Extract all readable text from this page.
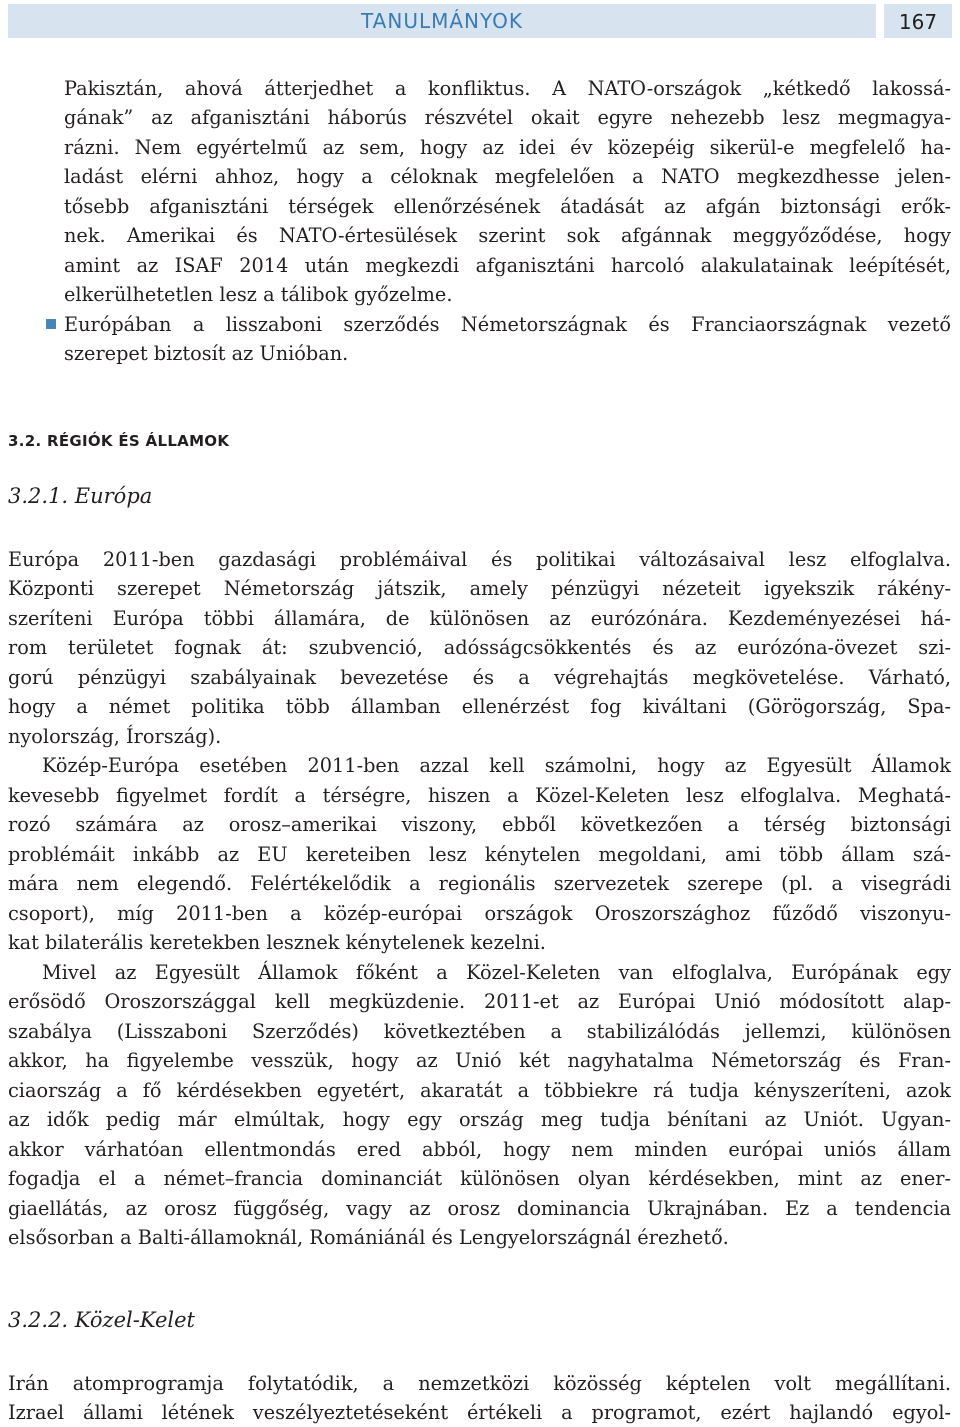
TANULMÁNYOK	167
Pakisztán, ahová átterjedhet a konfliktus. A NATO-országok „kétkedő lakossá-
gának” az afganisztáni háborús részvétel okait egyre nehezebb lesz megmagya-
rázni. Nem egyértelmű az sem, hogy az idei év közepéig sikerül-e megfelelő ha-
ladást elérni ahhoz, hogy a céloknak megfelelően a NATO megkezdhesse jelen-
tősebb afganisztáni térségek ellenőrzésének átadását az afgán biztonsági erők-
nek. Amerikai és NATO-értesülések szerint sok afgánnak meggyőződése, hogy
amint az ISAF 2014 után megkezdi afganisztáni harcoló alakulatainak leépítését,
elkerülhetetlen lesz a tálibok győzelme.
Európában a lisszaboni szerződés Németországnak és Franciaországnak vezető
szerepet biztosít az Unióban.
3.2. RÉGIÓK ÉS ÁLLAMOK
3.2.1. Európa
Európa 2011-ben gazdasági problémáival és politikai változásaival lesz elfoglalva.
Központi szerepet Németország játszik, amely pénzügyi nézeteit igyekszik rákény-
szeríteni Európa többi államára, de különösen az eurózónára. Kezdeményezései há-
rom területet fognak át: szubvenció, adósságcsökkentés és az eurózóna-övezet szi-
gorú pénzügyi szabályainak bevezetése és a végrehajtás megkövetelése. Várható,
hogy a német politika több államban ellenérzést fog kiváltani (Görögország, Spa-
nyolország, Írország).
Közép-Európa esetében 2011-ben azzal kell számolni, hogy az Egyesült Államok
kevesebb figyelmet fordít a térségre, hiszen a Közel-Keleten lesz elfoglalva. Meghatá-
rozó számára az orosz–amerikai viszony, ebből következően a térség biztonsági
problémáit inkább az EU kereteiben lesz kénytelen megoldani, ami több állam szá-
mára nem elegendő. Felértékelődik a regionális szervezetek szerepe (pl. a visegrádi
csoport), míg 2011-ben a közép-európai országok Oroszországhoz fűződő viszonyu-
kat bilaterális keretekben lesznek kénytelenek kezelni.
Mivel az Egyesült Államok főként a Közel-Keleten van elfoglalva, Európának egy
erősödő Oroszországgal kell megküzdenie. 2011-et az Európai Unió módosított alap-
szabálya (Lisszaboni Szerződés) következtében a stabilizálódás jellemzi, különösen
akkor, ha figyelembe vesszük, hogy az Unió két nagyhatalma Németország és Fran-
ciaország a fő kérdésekben egyetért, akaratát a többiekre rá tudja kényszeríteni, azok
az idők pedig már elmúltak, hogy egy ország meg tudja bénítani az Uniót. Ugyan-
akkor várhatóan ellentmondás ered abból, hogy nem minden európai uniós állam
fogadja el a német–francia dominanciát különösen olyan kérdésekben, mint az ener-
giaellátás, az orosz függőség, vagy az orosz dominancia Ukrajnában. Ez a tendencia
elsősorban a Balti-államoknál, Romániánál és Lengyelországnál érezhető.
3.2.2. Közel-Kelet
Irán atomprogramja folytatódik, a nemzetközi közösség képtelen volt megállítani.
Izrael állami létének veszélyeztetéseként értékeli a programot, ezért hajlandó egyol-
